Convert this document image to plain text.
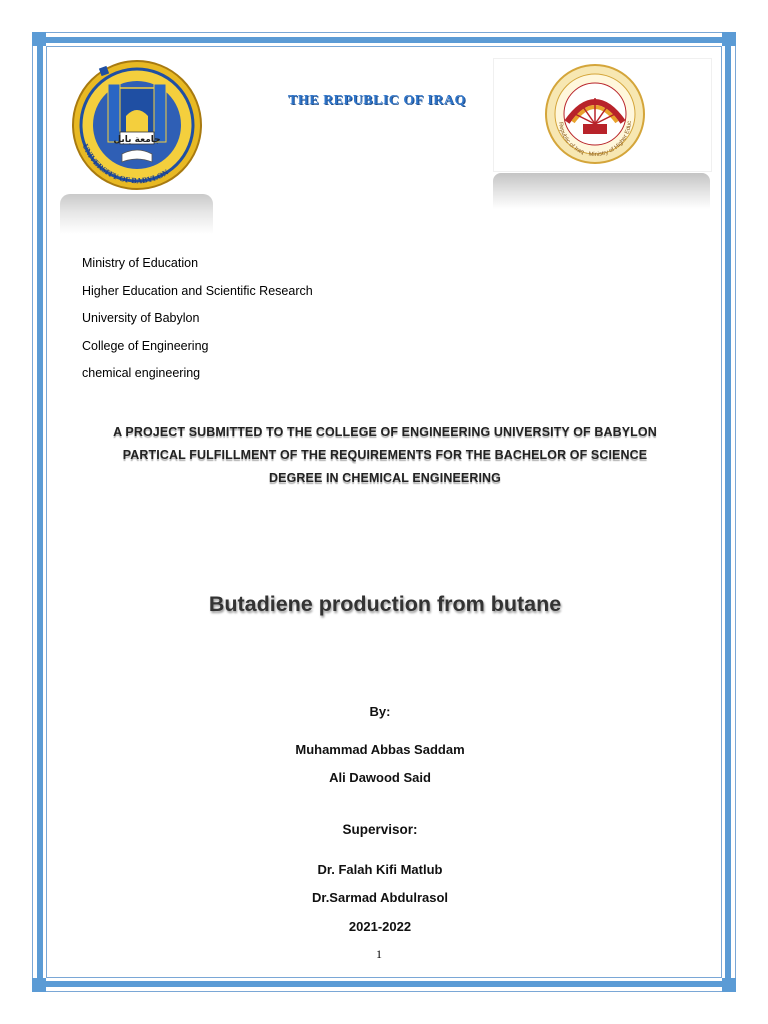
UNIVERSITY OF BABYLON
جامعة بابل
Republic of Iraq · Ministry of Higher Educ
THE REPUBLIC OF IRAQ
Ministry of Education
Higher Education and Scientific Research
University of Babylon
College of Engineering
chemical engineering
A PROJECT SUBMITTED TO THE COLLEGE OF ENGINEERING UNIVERSITY OF BABYLON
PARTICAL FULFILLMENT OF THE REQUIREMENTS FOR THE BACHELOR OF SCIENCE
DEGREE IN CHEMICAL ENGINEERING
Butadiene production from butane
By:
Muhammad Abbas Saddam
Ali Dawood Said
Supervisor:
Dr. Falah Kifi Matlub
Dr.Sarmad Abdulrasol
2021-2022
1
